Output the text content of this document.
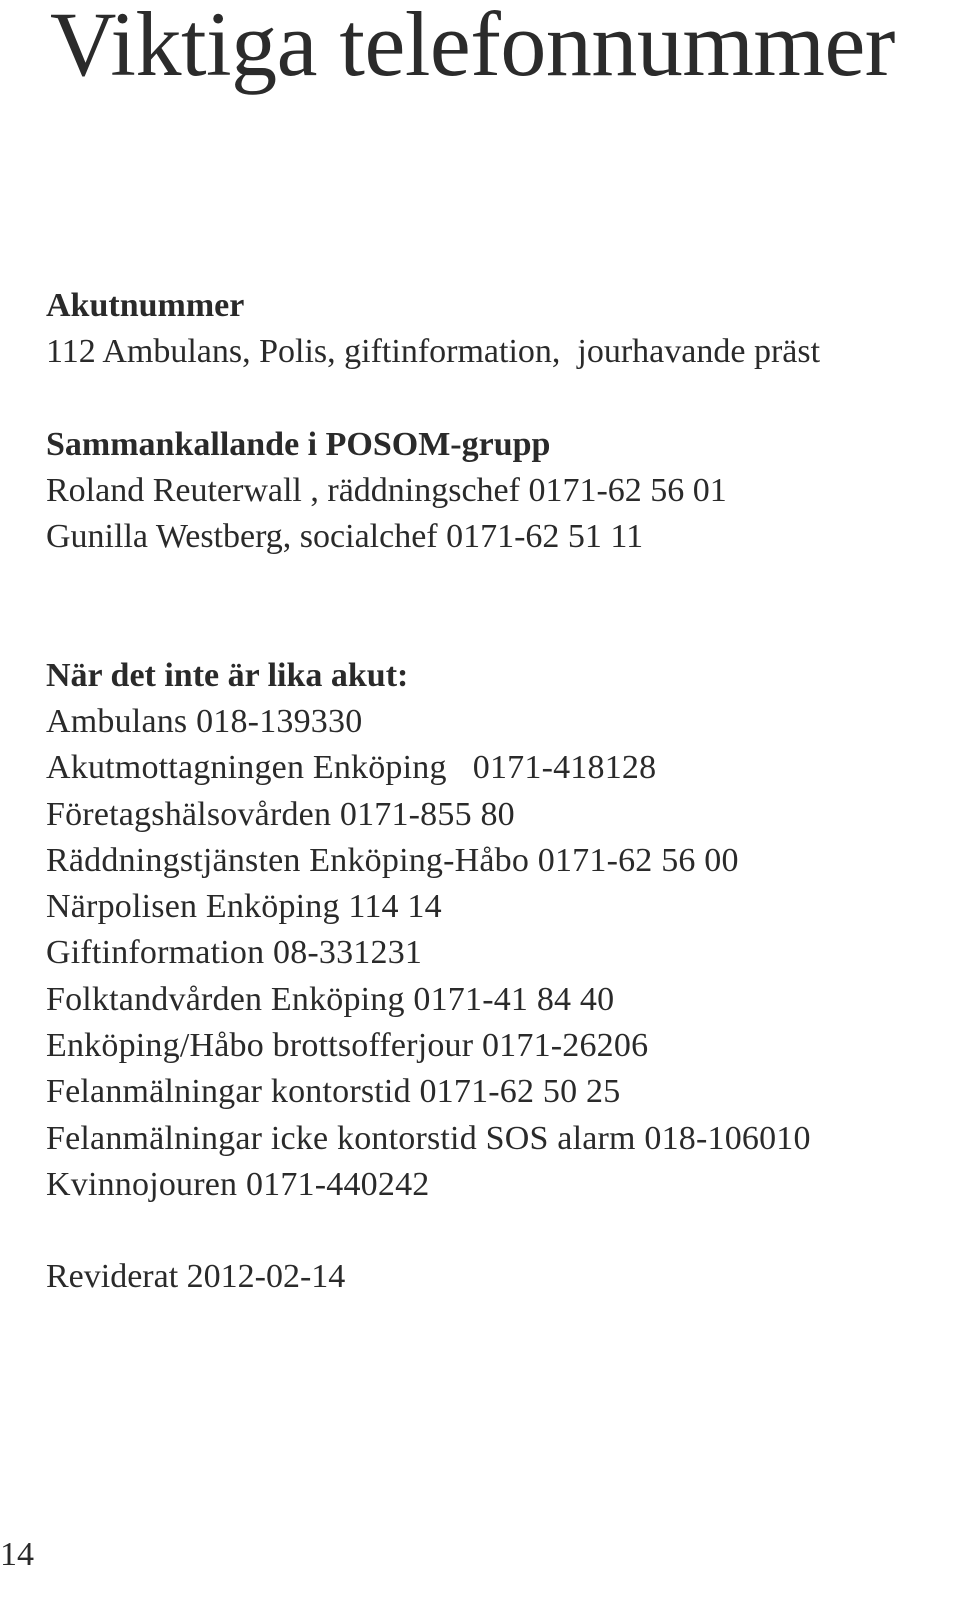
Viktiga telefonnummer

Akutnummer

112 Ambulans, Polis, giftinformation,  jourhavande präst

Sammankallande i POSOM-grupp

Roland Reuterwall , räddningschef 0171-62 56 01

Gunilla Westberg, socialchef 0171-62 51 11

När det inte är lika akut:

Ambulans 018-139330

Akutmottagningen Enköping   0171-418128

Företagshälsovården 0171-855 80

Räddningstjänsten Enköping-Håbo 0171-62 56 00

Närpolisen Enköping 114 14

Giftinformation 08-331231

Folktandvården Enköping 0171-41 84 40

Enköping/Håbo brottsofferjour 0171-26206

Felanmälningar kontorstid 0171-62 50 25

Felanmälningar icke kontorstid SOS alarm 018-106010

Kvinnojouren 0171-440242

Reviderat 2012-02-14

14
